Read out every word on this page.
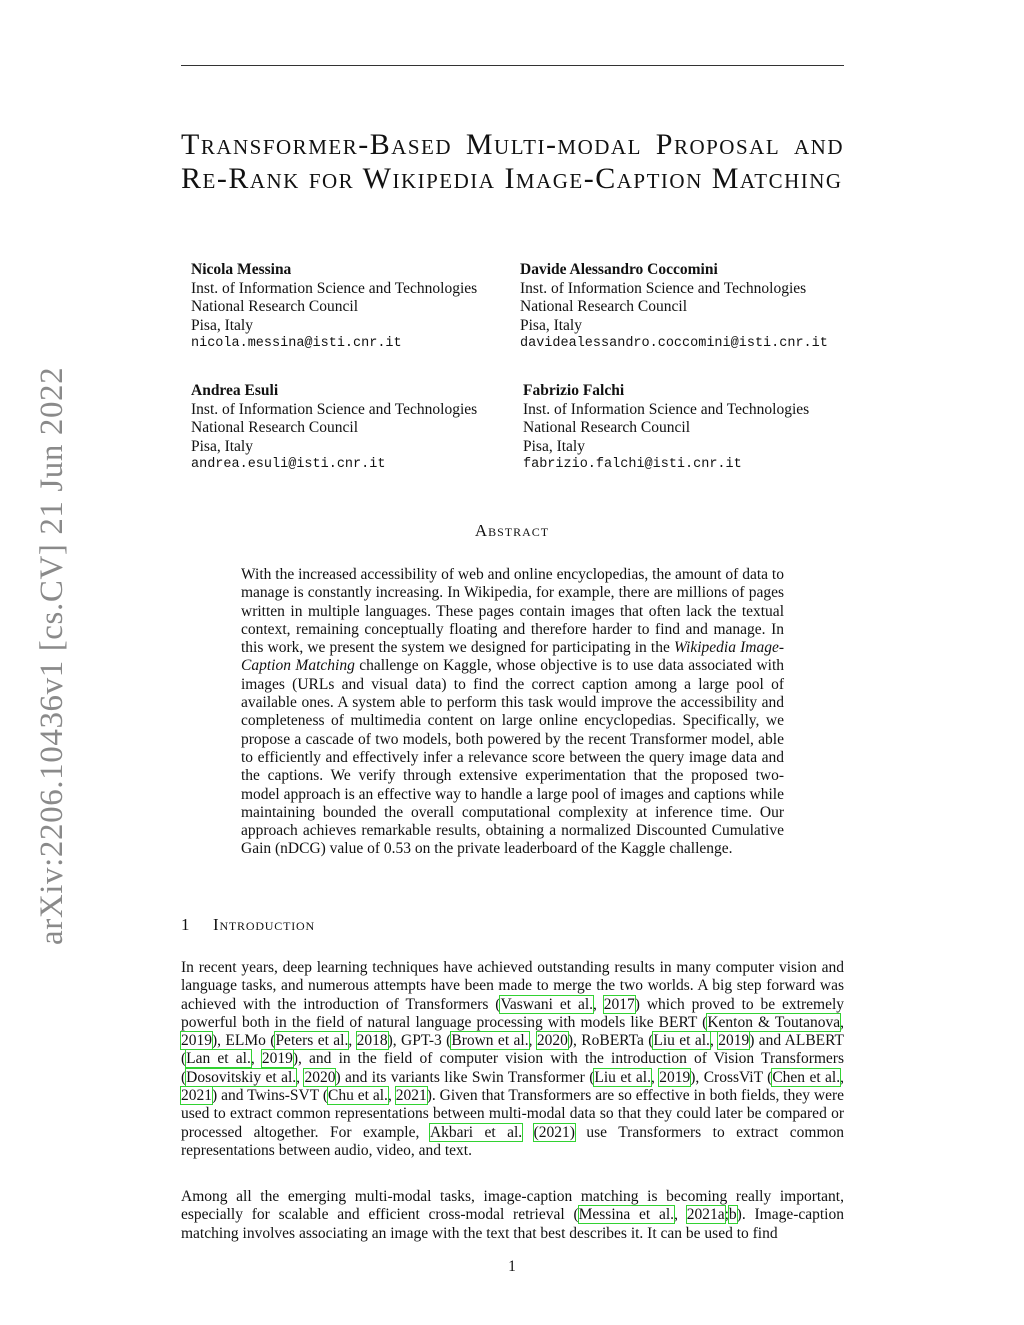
arXiv:2206.10436v1 [cs.CV] 21 Jun 2022
Transformer-Based Multi-modal Proposal and Re-Rank for Wikipedia Image-Caption Matching
Nicola Messina
Inst. of Information Science and Technologies
National Research Council
Pisa, Italy
nicola.messina@isti.cnr.it
Davide Alessandro Coccomini
Inst. of Information Science and Technologies
National Research Council
Pisa, Italy
davidealessandro.coccomini@isti.cnr.it
Andrea Esuli
Inst. of Information Science and Technologies
National Research Council
Pisa, Italy
andrea.esuli@isti.cnr.it
Fabrizio Falchi
Inst. of Information Science and Technologies
National Research Council
Pisa, Italy
fabrizio.falchi@isti.cnr.it
Abstract
With the increased accessibility of web and online encyclopedias, the amount of data to manage is constantly increasing. In Wikipedia, for example, there are millions of pages written in multiple languages. These pages contain images that often lack the textual context, remaining conceptually floating and therefore harder to find and manage. In this work, we present the system we designed for participating in the Wikipedia Image-Caption Matching challenge on Kaggle, whose objective is to use data associated with images (URLs and visual data) to find the correct caption among a large pool of available ones. A system able to perform this task would improve the accessibility and completeness of multimedia content on large online encyclopedias. Specifically, we propose a cascade of two models, both powered by the recent Transformer model, able to efficiently and effectively infer a relevance score between the query image data and the captions. We verify through extensive experimentation that the proposed two-model approach is an effective way to handle a large pool of images and captions while maintaining bounded the overall computational complexity at inference time. Our approach achieves remarkable results, obtaining a normalized Discounted Cumulative Gain (nDCG) value of 0.53 on the private leaderboard of the Kaggle challenge.
1 Introduction
In recent years, deep learning techniques have achieved outstanding results in many computer vision and language tasks, and numerous attempts have been made to merge the two worlds. A big step forward was achieved with the introduction of Transformers (Vaswani et al., 2017) which proved to be extremely powerful both in the field of natural language processing with models like BERT (Kenton & Toutanova, 2019), ELMo (Peters et al., 2018), GPT-3 (Brown et al., 2020), RoBERTa (Liu et al., 2019) and ALBERT (Lan et al., 2019), and in the field of computer vision with the introduction of Vision Transformers (Dosovitskiy et al., 2020) and its variants like Swin Transformer (Liu et al., 2019), CrossViT (Chen et al., 2021) and Twins-SVT (Chu et al., 2021). Given that Transformers are so effective in both fields, they were used to extract common representations between multi-modal data so that they could later be compared or processed altogether. For example, Akbari et al. (2021) use Transformers to extract common representations between audio, video, and text.
Among all the emerging multi-modal tasks, image-caption matching is becoming really important, especially for scalable and efficient cross-modal retrieval (Messina et al., 2021a;b). Image-caption matching involves associating an image with the text that best describes it. It can be used to find
1
